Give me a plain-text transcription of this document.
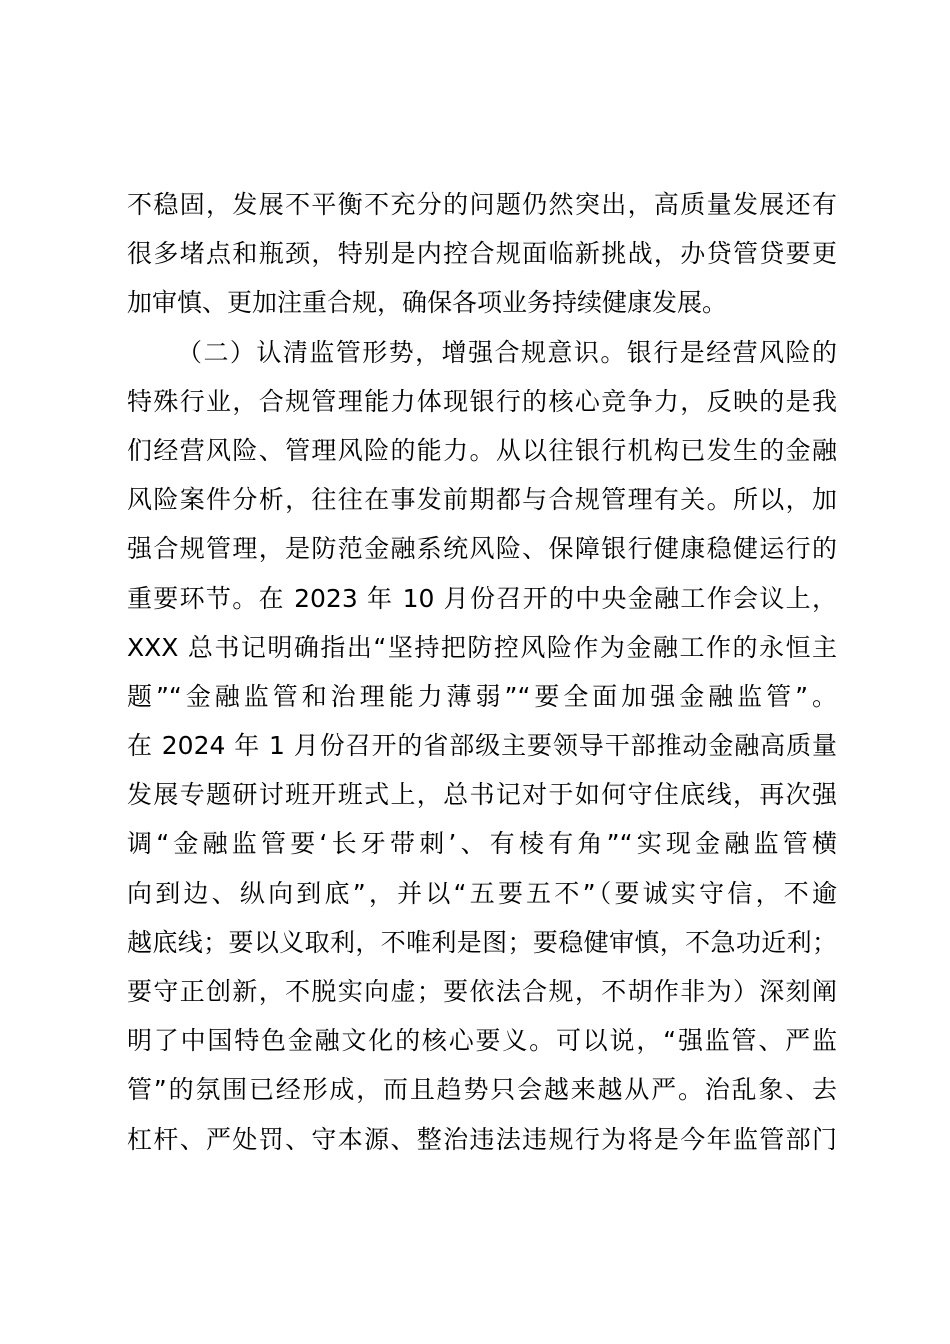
不稳固，发展不平衡不充分的问题仍然突出，高质量发展还有
很多堵点和瓶颈，特别是内控合规面临新挑战，办贷管贷要更
加审慎、更加注重合规，确保各项业务持续健康发展。
（二）认清监管形势，增强合规意识。银行是经营风险的
特殊行业，合规管理能力体现银行的核心竞争力，反映的是我
们经营风险、管理风险的能力。从以往银行机构已发生的金融
风险案件分析，往往在事发前期都与合规管理有关。所以，加
强合规管理，是防范金融系统风险、保障银行健康稳健运行的
重要环节。在 2023 年 10 月份召开的中央金融工作会议上，
XXX 总书记明确指出“坚持把防控风险作为金融工作的永恒主
题”“金融监管和治理能力薄弱”“要全面加强金融监管”。
在 2024 年 1 月份召开的省部级主要领导干部推动金融高质量
发展专题研讨班开班式上，总书记对于如何守住底线，再次强
调“金融监管要‘长牙带刺’、有棱有角”“实现金融监管横
向到边、纵向到底”，并以“五要五不”（要诚实守信，不逾
越底线；要以义取利，不唯利是图；要稳健审慎，不急功近利；
要守正创新，不脱实向虚；要依法合规，不胡作非为）深刻阐
明了中国特色金融文化的核心要义。可以说，“强监管、严监
管”的氛围已经形成，而且趋势只会越来越从严。治乱象、去
杠杆、严处罚、守本源、整治违法违规行为将是今年监管部门
